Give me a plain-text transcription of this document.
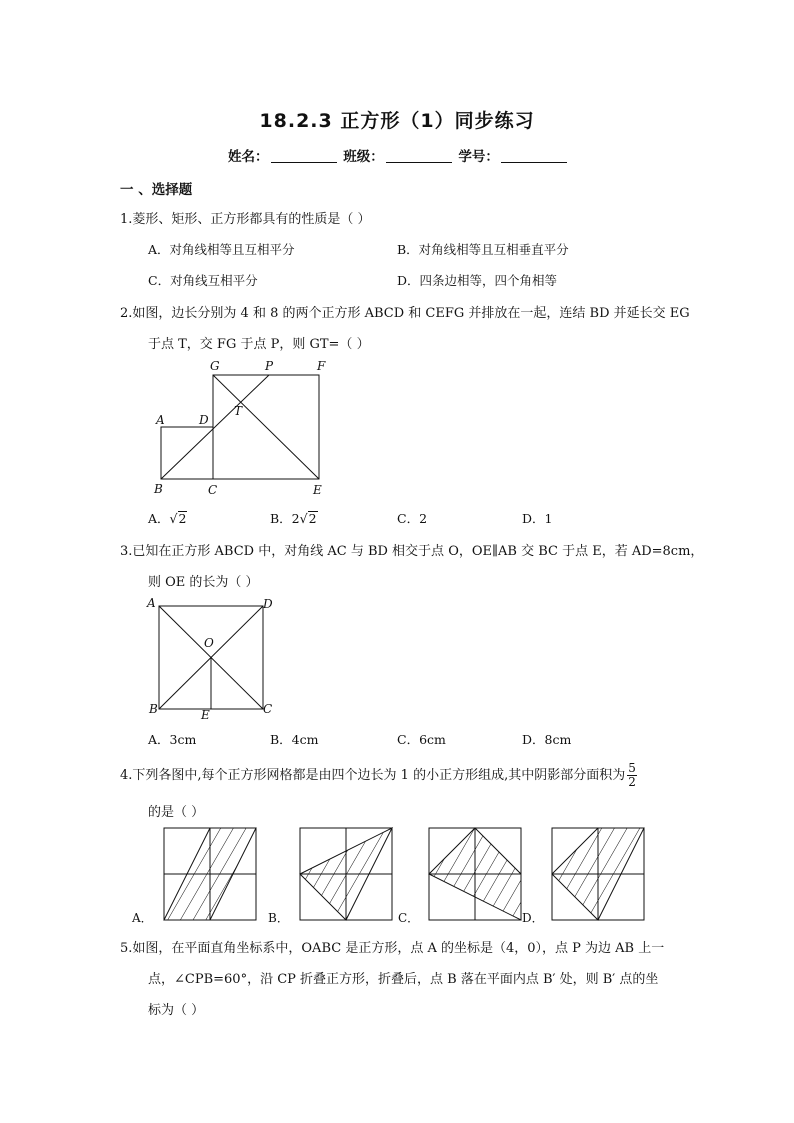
18.2.3 正方形（1）同步练习
姓名：	班级：	学号：
一 、选择题
1.菱形、矩形、正方形都具有的性质是（ ）
A．对角线相等且互相平分	B．对角线相等且互相垂直平分
C．对角线互相平分	D．四条边相等，四个角相等
2.如图，边长分别为 4 和 8 的两个正方形 ABCD 和 CEFG 并排放在一起，连结 BD 并延长交 EG
于点 T，交 FG 于点 P，则 GT=（ ）
A
B	C
D
E
F
G	P
T
A．√2	B．2√2	C．2	D．1
3.已知在正方形 ABCD 中，对角线 AC 与 BD 相交于点 O，OE∥AB 交 BC 于点 E，若 AD=8cm，
则 OE 的长为（ ）
A	D
O
B	C
E
A．3cm	B．4cm	C．6cm	D．8cm
4.下列各图中,每个正方形网格都是由四个边长为 1 的小正方形组成,其中阴影部分面积为 $\frac{5}{2}$
的是（ ）
A．	B．	C．	D．
5.如图，在平面直角坐标系中，OABC 是正方形，点 A 的坐标是（4，0），点 P 为边 AB 上一
点，∠CPB=60°，沿 CP 折叠正方形，折叠后，点 B 落在平面内点 B′ 处，则 B′ 点的坐
标为（ ）
